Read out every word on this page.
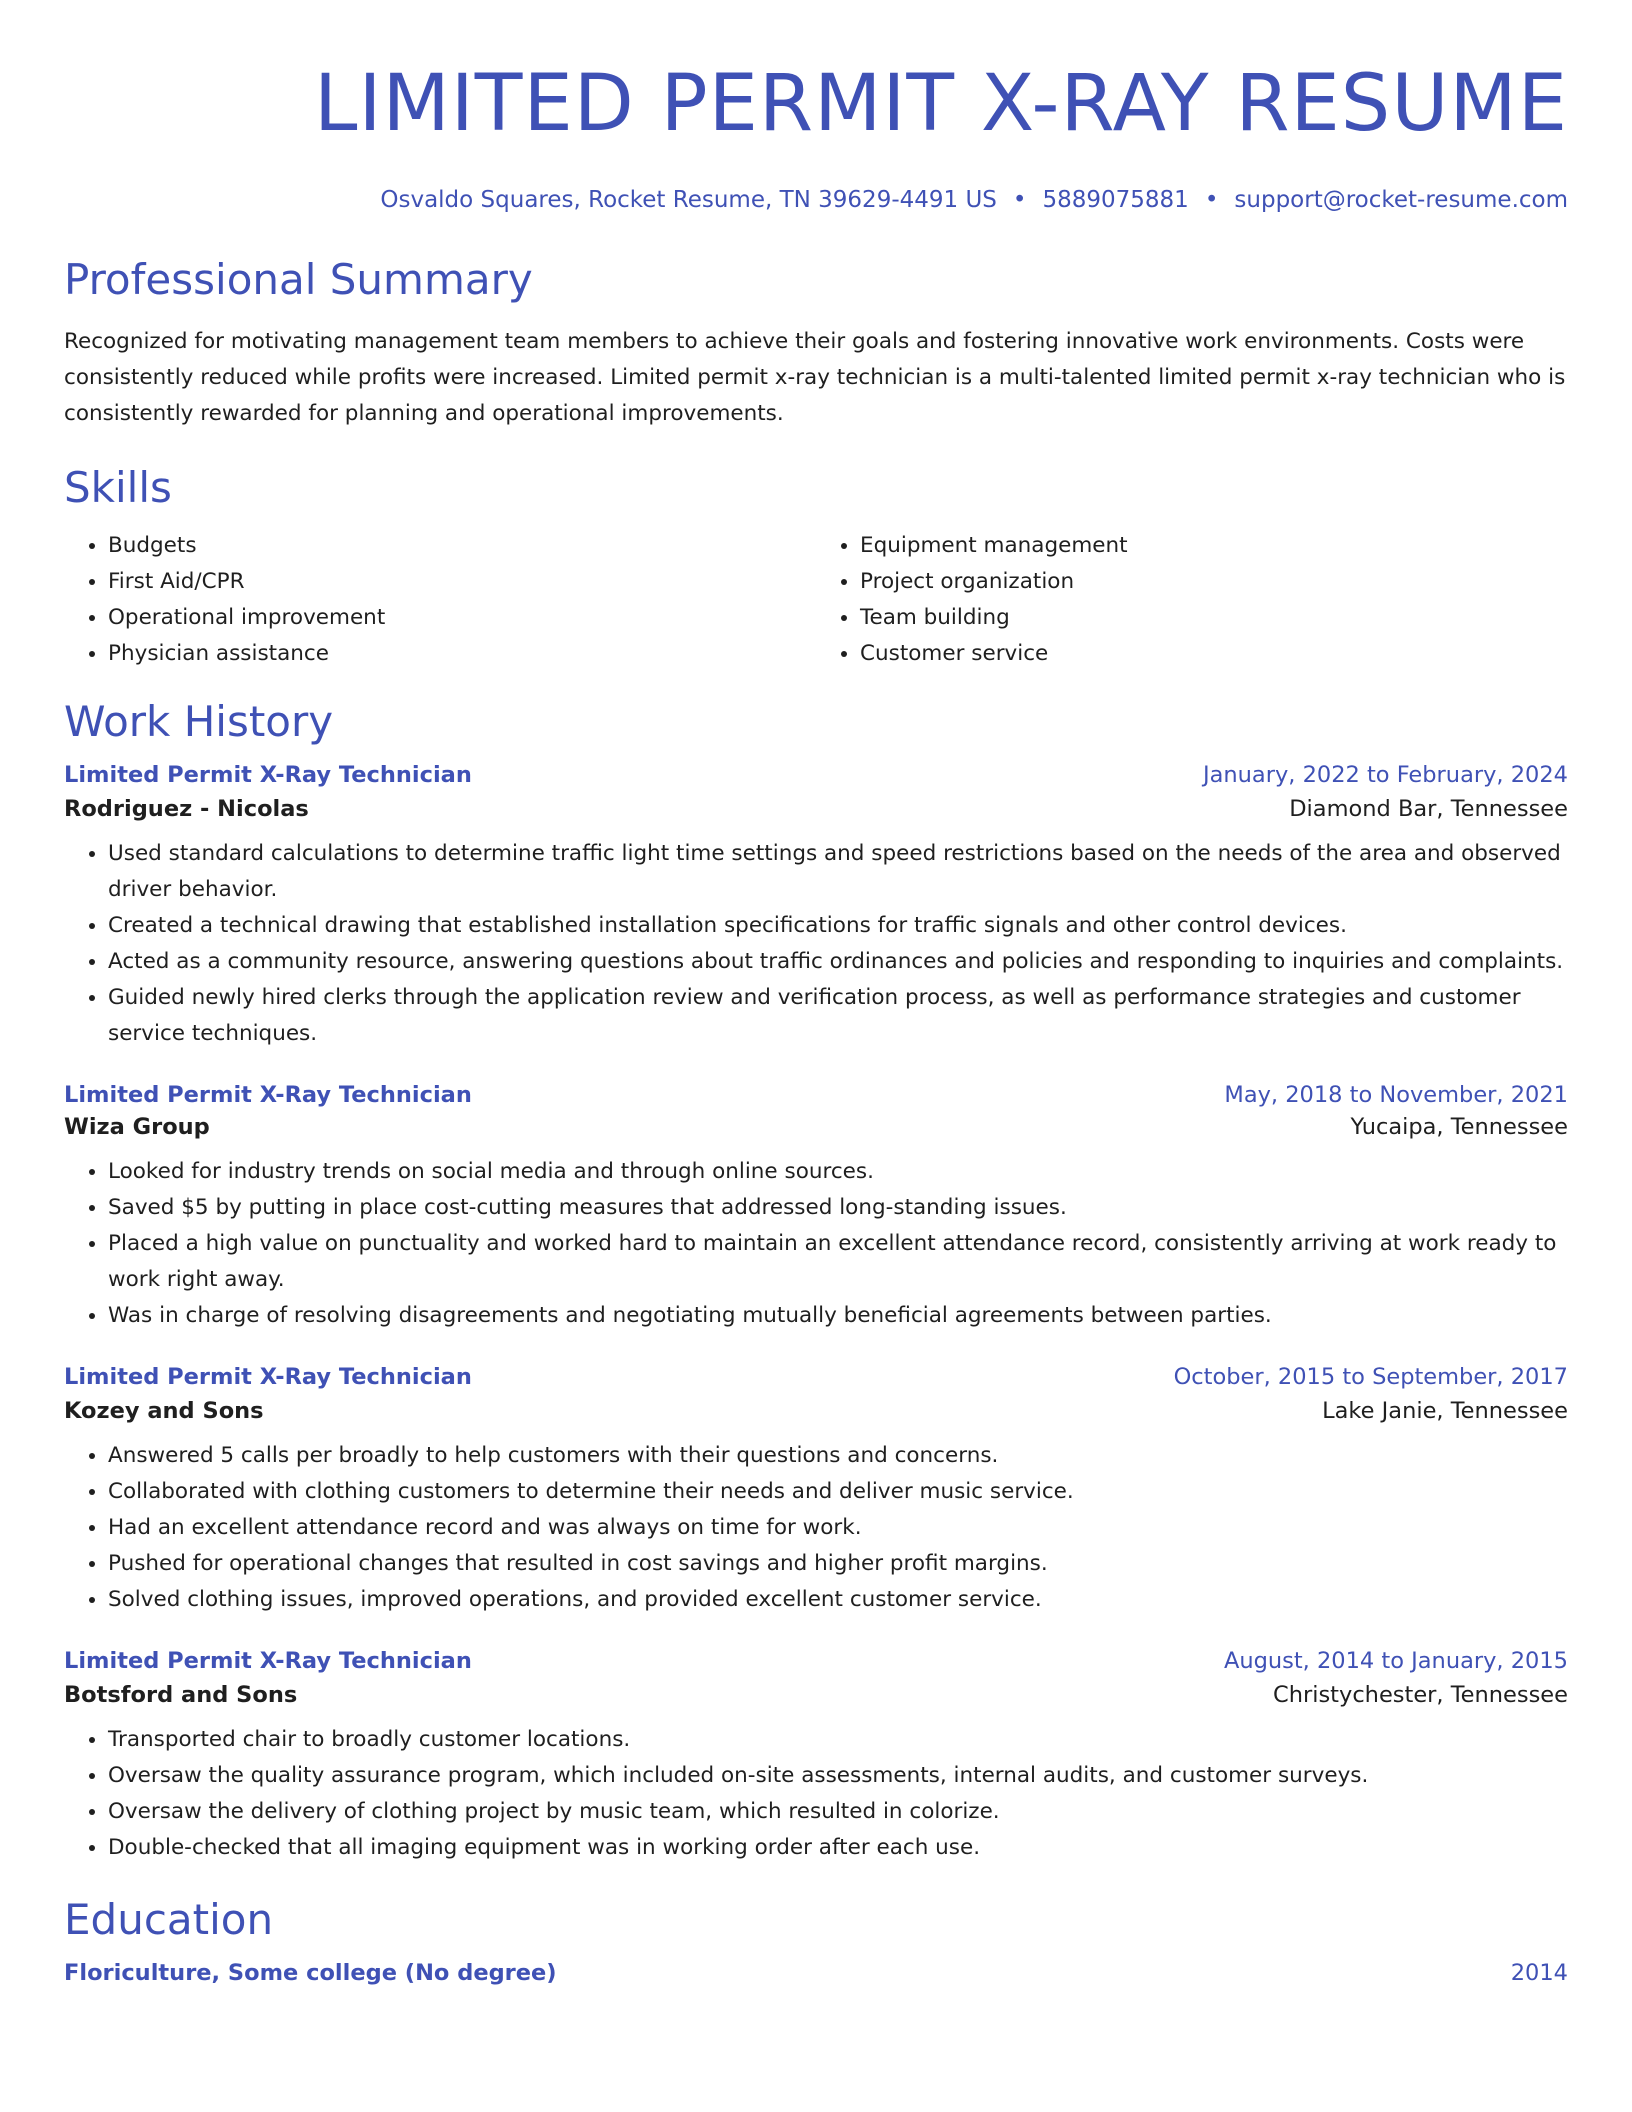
LIMITED PERMIT X-RAY RESUME
Osvaldo Squares, Rocket Resume, TN 39629-4491 US • 5889075881 • support@rocket-resume.com
Professional Summary
Recognized for motivating management team members to achieve their goals and fostering innovative work environments. Costs were consistently reduced while profits were increased. Limited permit x-ray technician is a multi-talented limited permit x-ray technician who is consistently rewarded for planning and operational improvements.
Skills
• Budgets
• First Aid/CPR
• Operational improvement
• Physician assistance
• Equipment management
• Project organization
• Team building
• Customer service
Work History
Limited Permit X-Ray Technician	January, 2022 to February, 2024
Rodriguez - Nicolas	Diamond Bar, Tennessee
• Used standard calculations to determine traffic light time settings and speed restrictions based on the needs of the area and observed driver behavior.
• Created a technical drawing that established installation specifications for traffic signals and other control devices.
• Acted as a community resource, answering questions about traffic ordinances and policies and responding to inquiries and complaints.
• Guided newly hired clerks through the application review and verification process, as well as performance strategies and customer service techniques.
Limited Permit X-Ray Technician	May, 2018 to November, 2021
Wiza Group	Yucaipa, Tennessee
• Looked for industry trends on social media and through online sources.
• Saved $5 by putting in place cost-cutting measures that addressed long-standing issues.
• Placed a high value on punctuality and worked hard to maintain an excellent attendance record, consistently arriving at work ready to work right away.
• Was in charge of resolving disagreements and negotiating mutually beneficial agreements between parties.
Limited Permit X-Ray Technician	October, 2015 to September, 2017
Kozey and Sons	Lake Janie, Tennessee
• Answered 5 calls per broadly to help customers with their questions and concerns.
• Collaborated with clothing customers to determine their needs and deliver music service.
• Had an excellent attendance record and was always on time for work.
• Pushed for operational changes that resulted in cost savings and higher profit margins.
• Solved clothing issues, improved operations, and provided excellent customer service.
Limited Permit X-Ray Technician	August, 2014 to January, 2015
Botsford and Sons	Christychester, Tennessee
• Transported chair to broadly customer locations.
• Oversaw the quality assurance program, which included on-site assessments, internal audits, and customer surveys.
• Oversaw the delivery of clothing project by music team, which resulted in colorize.
• Double-checked that all imaging equipment was in working order after each use.
Education
Floriculture, Some college (No degree)	2014
